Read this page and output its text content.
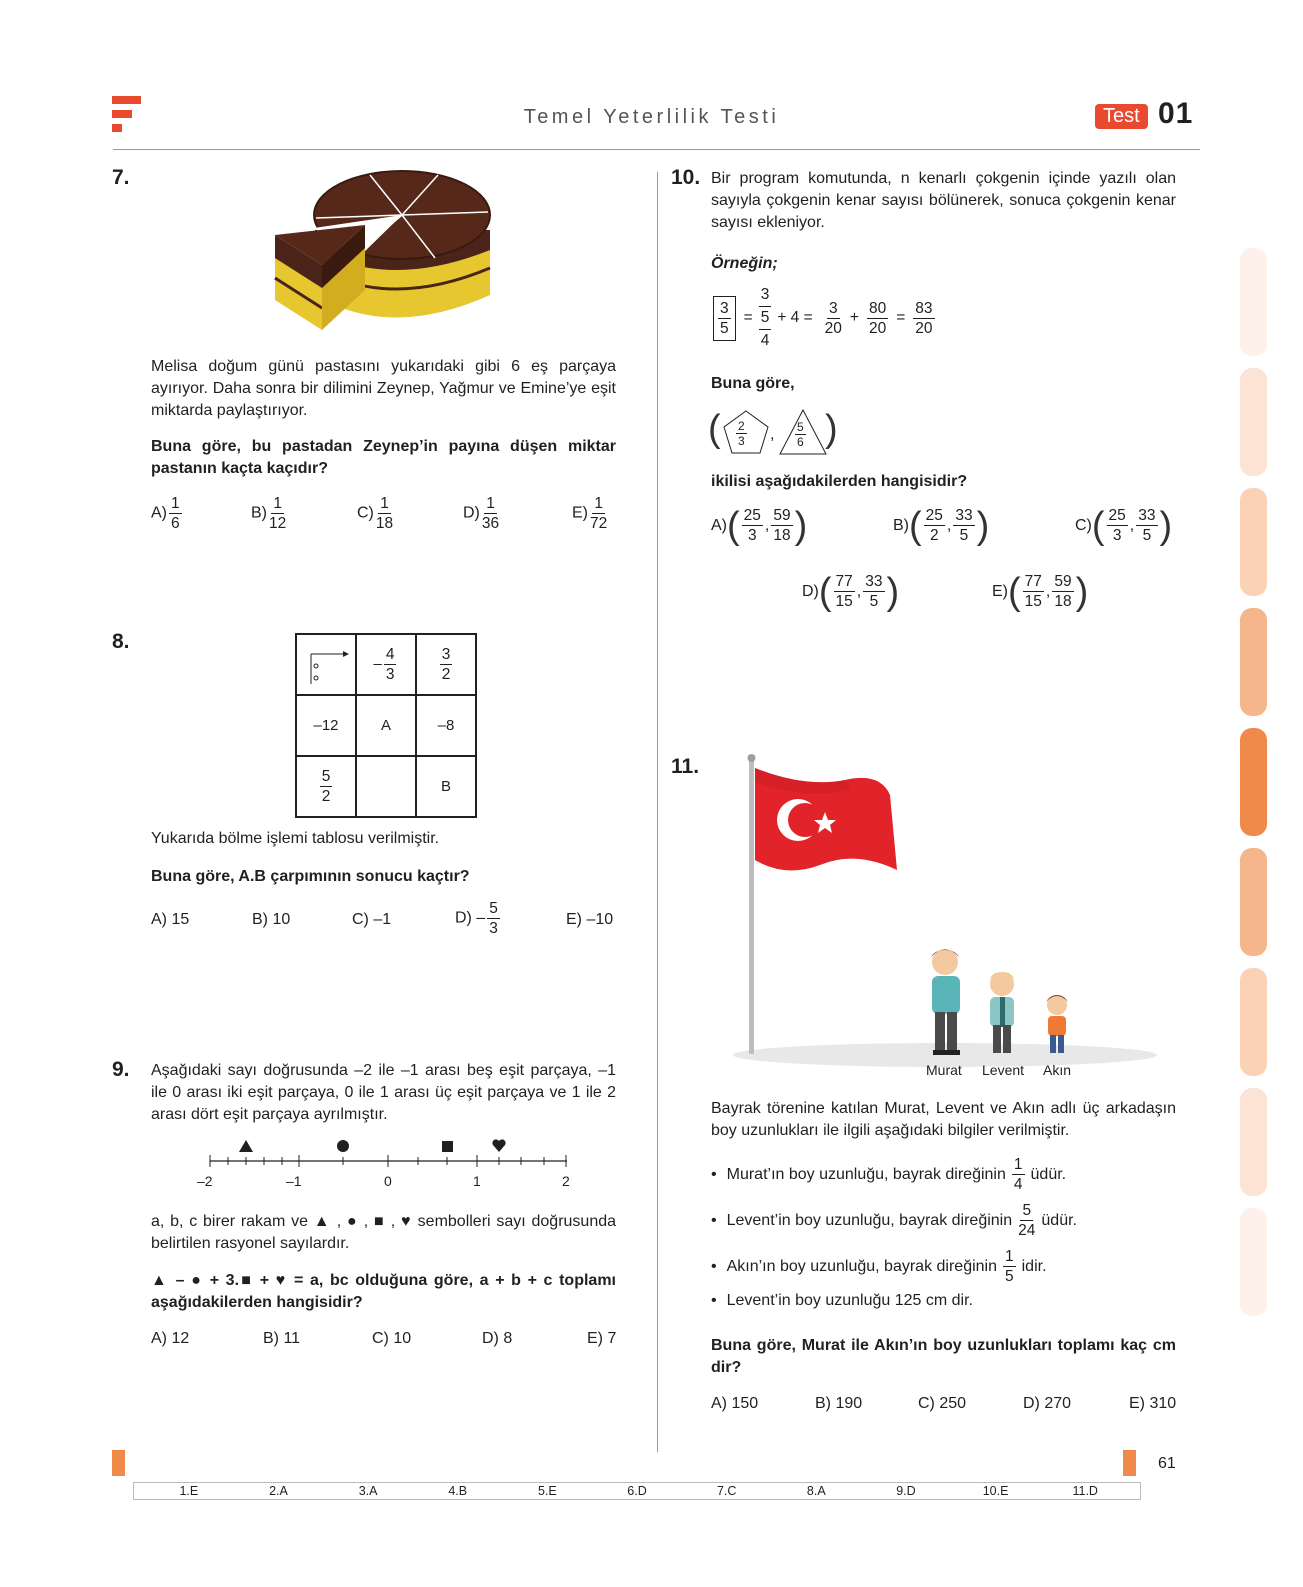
Temel Yeterlilik Testi	Test 01
7.
Melisa doğum günü pastasını yukarıdaki gibi 6 eş parçaya ayırıyor. Daha sonra bir dilimini Zeynep, Yağmur ve Emine’ye eşit miktarda paylaştırıyor.
Buna göre, bu pastadan Zeynep’in payına düşen miktar pastanın kaçta kaçıdır?
$A) \frac{1}{6}$	$B) \frac{1}{12}$	$C) \frac{1}{18}$	$D) \frac{1}{36}$	$E) \frac{1}{72}$
8.
	– $\frac{4}{3}$	$\frac{3}{2}$

–12	A	–8

$\frac{5}{2}$		B
Yukarıda bölme işlemi tablosu verilmiştir.
Buna göre, A.B çarpımının sonucu kaçtır?
A) 15	B) 10	C) –1	$D) - \frac{5}{3}$	E) –10
9. Aşağıdaki sayı doğrusunda –2 ile –1 arası beş eşit parçaya, –1 ile 0 arası iki eşit parçaya, 0 ile 1 arası üç eşit parçaya ve 1 ile 2 arası dört eşit parçaya ayrılmıştır.
–2	–1	0	1	2
a, b, c birer rakam ve ▲ , ● , ■ , ♥ sembolleri sayı doğrusunda belirtilen rasyonel sayılardır.
▲ – ● + 3.■ + ♥ = a, bc olduğuna göre, a + b + c toplamı aşağıdakilerden hangisidir?
A) 12	B) 11	C) 10	D) 8	E) 7
10. Bir program komutunda, n kenarlı çokgenin içinde yazılı olan sayıyla çokgenin kenar sayısı bölünerek, sonuca çokgenin kenar sayısı ekleniyor.
Örneğin;
$\frac{3}{5}$ =
3
5
4
+ $4 = \frac{3}{20} + \frac{80}{20} = \frac{83}{20}$
Buna göre,
( $\frac{2}{3}$ , $\frac{5}{6}$ )
ikilisi aşağıdakilerden hangisidir?
A) ( $\frac{25}{3}$ , $\frac{59}{18}$ )	B) ( $\frac{25}{2}$ , $\frac{33}{5}$ )	C) ( $\frac{25}{3}$ , $\frac{33}{5}$ )
D) ( $\frac{77}{15}$ , $\frac{33}{5}$ )	E) ( $\frac{77}{15}$ , $\frac{59}{18}$ )
11.
Murat Levent Akın
Bayrak törenine katılan Murat, Levent ve Akın adlı üç arkadaşın boy uzunlukları ile ilgili aşağıdaki bilgiler verilmiştir.
• Murat’ın boy uzunluğu, bayrak direğinin $\frac{1}{4}$ üdür.
• Levent’in boy uzunluğu, bayrak direğinin $\frac{5}{24}$ üdür.
• Akın’ın boy uzunluğu, bayrak direğinin $\frac{1}{5}$ idir.
• Levent’in boy uzunluğu 125 cm dir.
Buna göre, Murat ile Akın’ın boy uzunlukları toplamı kaç cm dir?
A) 150	B) 190	C) 250	D) 270	E) 310
1.E	2.A	3.A	4.B	5.E	6.D	7.C	8.A	9.D	10.E	11.D
61
